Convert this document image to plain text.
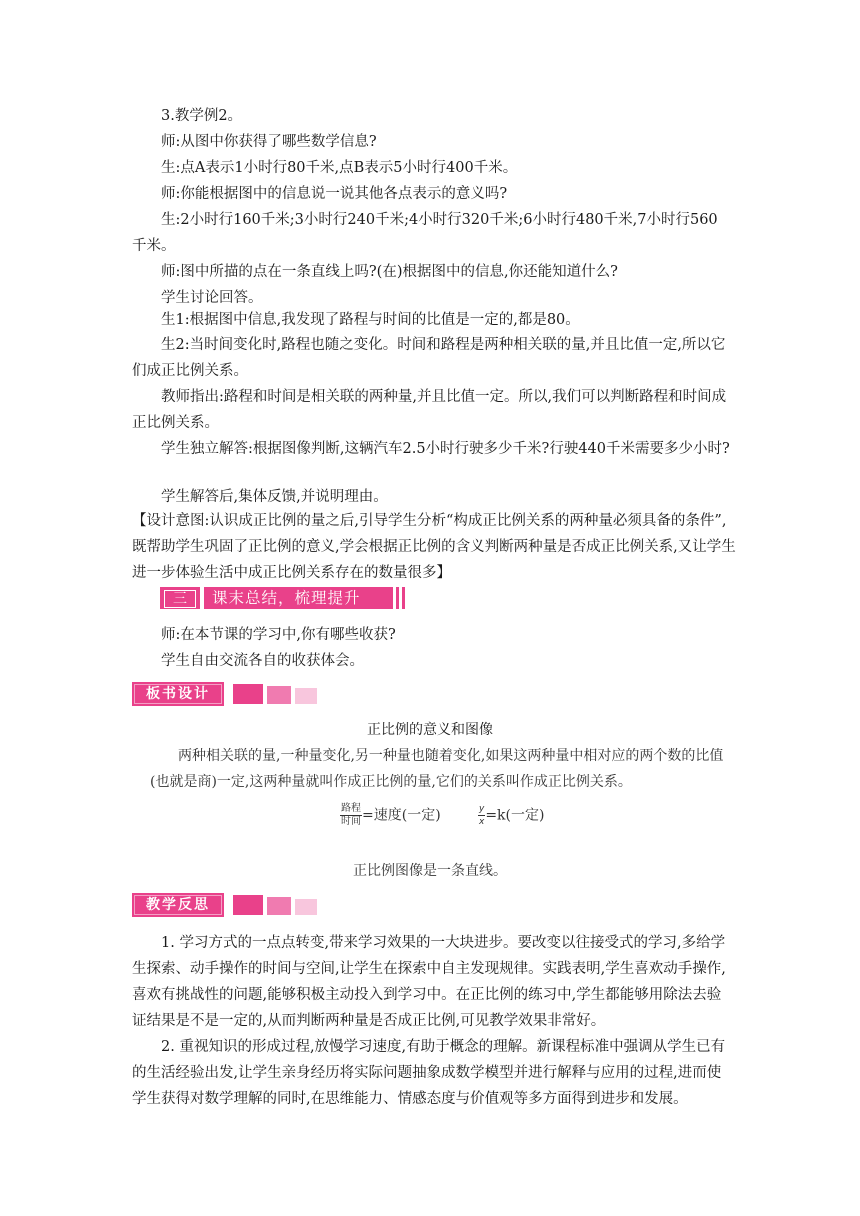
3.教学例2。

师:从图中你获得了哪些数学信息?

生:点A表示1小时行80千米,点B表示5小时行400千米。

师:你能根据图中的信息说一说其他各点表示的意义吗?

生:2小时行160千米;3小时行240千米;4小时行320千米;6小时行480千米,7小时行560千米。

师:图中所描的点在一条直线上吗?(在)根据图中的信息,你还能知道什么?

学生讨论回答。

生1:根据图中信息,我发现了路程与时间的比值是一定的,都是80。

生2:当时间变化时,路程也随之变化。时间和路程是两种相关联的量,并且比值一定,所以它们成正比例关系。

教师指出:路程和时间是相关联的两种量,并且比值一定。所以,我们可以判断路程和时间成正比例关系。

学生独立解答:根据图像判断,这辆汽车2.5小时行驶多少千米?行驶440千米需要多少小时?

学生解答后,集体反馈,并说明理由。

【设计意图:认识成正比例的量之后,引导学生分析“构成正比例关系的两种量必须具备的条件”,既帮助学生巩固了正比例的意义,学会根据正比例的含义判断两种量是否成正比例关系,又让学生进一步体验生活中成正比例关系存在的数量很多】

三	课末总结，梳理提升

师:在本节课的学习中,你有哪些收获?

学生自由交流各自的收获体会。

板书设计
正比例的意义和图像
两种相关联的量,一种量变化,另一种量也随着变化,如果这两种量中相对应的两个数的比值(也就是商)一定,这两种量就叫作成正比例的量,它们的关系叫作成正比例关系。
$\frac{\text{路程}}{\text{时间}}$ =速度(一定)	$\frac{y}{x} =k$(一定)
正比例图像是一条直线。
教学反思

1. 学习方式的一点点转变,带来学习效果的一大块进步。要改变以往接受式的学习,多给学生探索、动手操作的时间与空间,让学生在探索中自主发现规律。实践表明,学生喜欢动手操作,喜欢有挑战性的问题,能够积极主动投入到学习中。在正比例的练习中,学生都能够用除法去验证结果是不是一定的,从而判断两种量是否成正比例,可见教学效果非常好。

2. 重视知识的形成过程,放慢学习速度,有助于概念的理解。新课程标准中强调从学生已有的生活经验出发,让学生亲身经历将实际问题抽象成数学模型并进行解释与应用的过程,进而使学生获得对数学理解的同时,在思维能力、情感态度与价值观等多方面得到进步和发展。
